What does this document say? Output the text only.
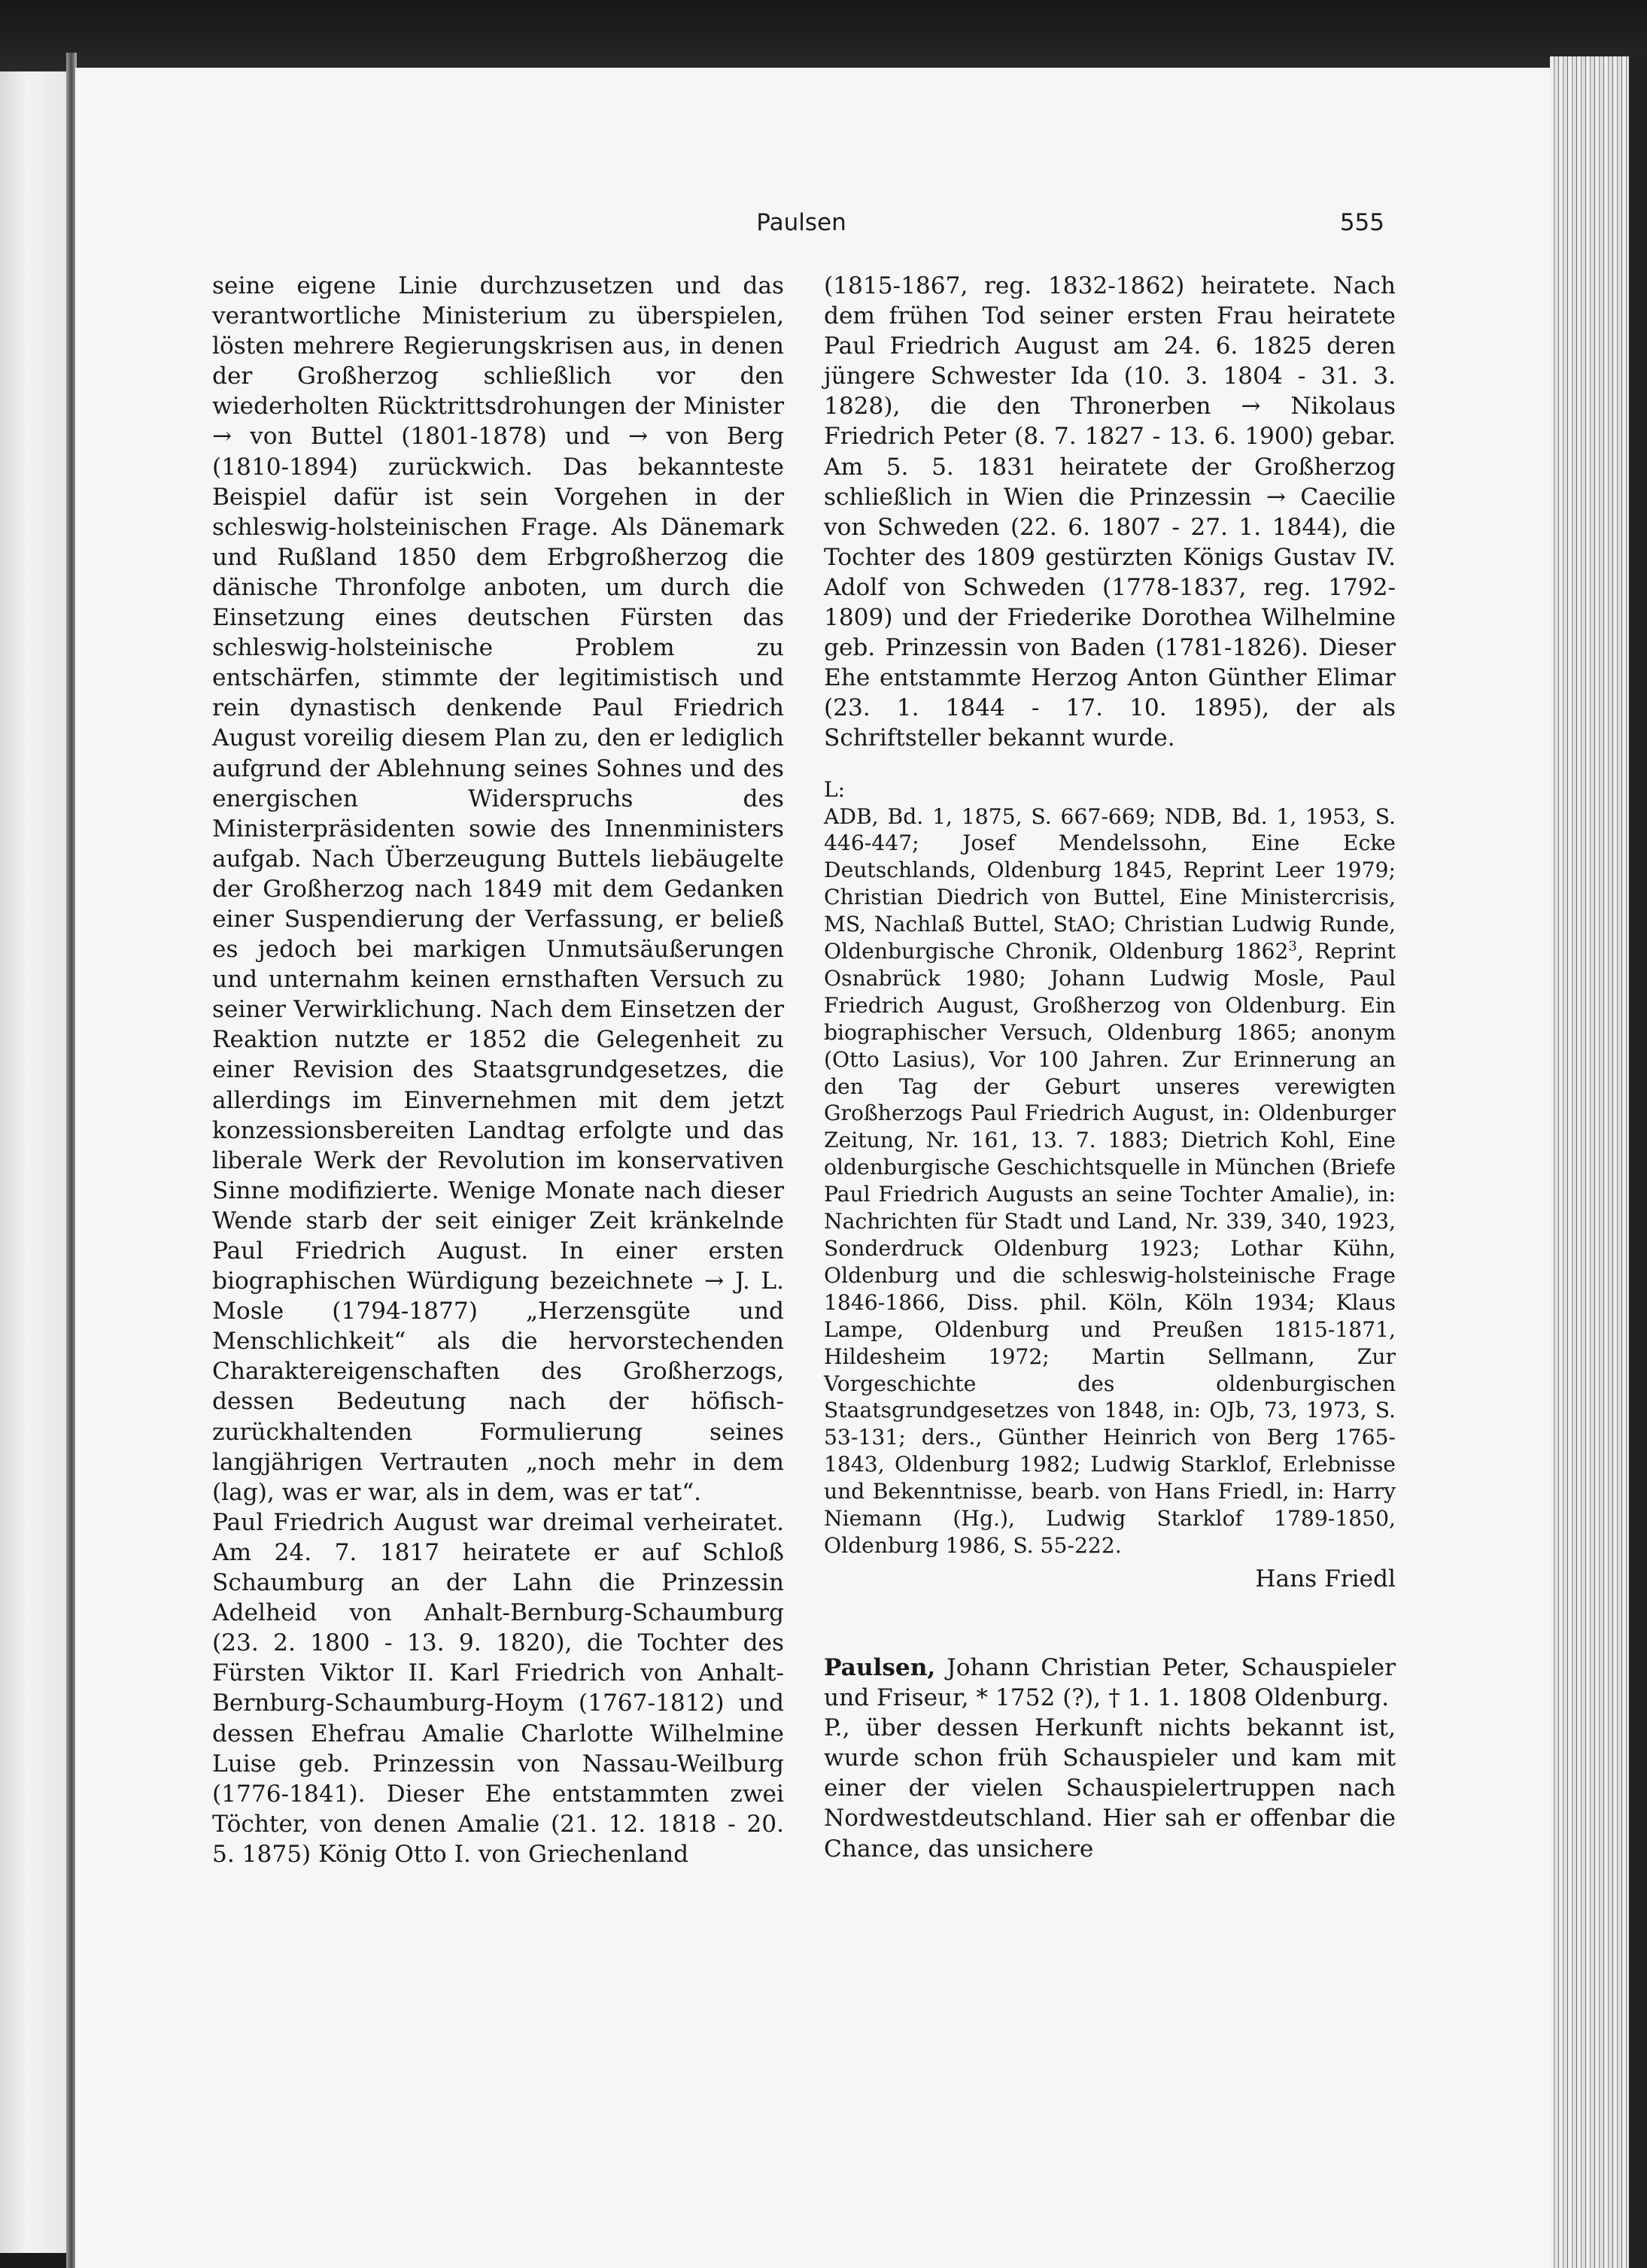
Paulsen	555

seine eigene Linie durchzusetzen und das verantwortliche Ministerium zu überspielen, lösten mehrere Regierungskrisen aus, in denen der Großherzog schließlich vor den wiederholten Rücktrittsdrohungen der Minister → von Buttel (1801-1878) und → von Berg (1810-1894) zurückwich. Das bekannteste Beispiel dafür ist sein Vorgehen in der schleswig-holsteinischen Frage. Als Dänemark und Rußland 1850 dem Erbgroßherzog die dänische Thronfolge anboten, um durch die Einsetzung eines deutschen Fürsten das schleswig-holsteinische Problem zu entschärfen, stimmte der legitimistisch und rein dynastisch denkende Paul Friedrich August voreilig diesem Plan zu, den er lediglich aufgrund der Ablehnung seines Sohnes und des energischen Widerspruchs des Ministerpräsidenten sowie des Innenministers aufgab. Nach Überzeugung Buttels liebäugelte der Großherzog nach 1849 mit dem Gedanken einer Suspendierung der Verfassung, er beließ es jedoch bei markigen Unmutsäußerungen und unternahm keinen ernsthaften Versuch zu seiner Verwirklichung. Nach dem Einsetzen der Reaktion nutzte er 1852 die Gelegenheit zu einer Revision des Staatsgrundgesetzes, die allerdings im Einvernehmen mit dem jetzt konzessionsbereiten Landtag erfolgte und das liberale Werk der Revolution im konservativen Sinne modifizierte. Wenige Monate nach dieser Wende starb der seit einiger Zeit kränkelnde Paul Friedrich August. In einer ersten biographischen Würdigung bezeichnete → J. L. Mosle (1794-1877) „Herzensgüte und Menschlichkeit“ als die hervorstechenden Charaktereigenschaften des Großherzogs, dessen Bedeutung nach der höfisch-zurückhaltenden Formulierung seines langjährigen Vertrauten „noch mehr in dem (lag), was er war, als in dem, was er tat“.

Paul Friedrich August war dreimal verheiratet. Am 24. 7. 1817 heiratete er auf Schloß Schaumburg an der Lahn die Prinzessin Adelheid von Anhalt-Bernburg-Schaumburg (23. 2. 1800 - 13. 9. 1820), die Tochter des Fürsten Viktor II. Karl Friedrich von Anhalt-Bernburg-Schaumburg-Hoym (1767-1812) und dessen Ehefrau Amalie Charlotte Wilhelmine Luise geb. Prinzessin von Nassau-Weilburg (1776-1841). Dieser Ehe entstammten zwei Töchter, von denen Amalie (21. 12. 1818 - 20. 5. 1875) König Otto I. von Griechenland

(1815-1867, reg. 1832-1862) heiratete. Nach dem frühen Tod seiner ersten Frau heiratete Paul Friedrich August am 24. 6. 1825 deren jüngere Schwester Ida (10. 3. 1804 - 31. 3. 1828), die den Thronerben → Nikolaus Friedrich Peter (8. 7. 1827 - 13. 6. 1900) gebar. Am 5. 5. 1831 heiratete der Großherzog schließlich in Wien die Prinzessin → Caecilie von Schweden (22. 6. 1807 - 27. 1. 1844), die Tochter des 1809 gestürzten Königs Gustav IV. Adolf von Schweden (1778-1837, reg. 1792-1809) und der Friederike Dorothea Wilhelmine geb. Prinzessin von Baden (1781-1826). Dieser Ehe entstammte Herzog Anton Günther Elimar (23. 1. 1844 - 17. 10. 1895), der als Schriftsteller bekannt wurde.

L:

ADB, Bd. 1, 1875, S. 667-669; NDB, Bd. 1, 1953, S. 446-447; Josef Mendelssohn, Eine Ecke Deutschlands, Oldenburg 1845, Reprint Leer 1979; Christian Diedrich von Buttel, Eine Ministercrisis, MS, Nachlaß Buttel, StAO; Christian Ludwig Runde, Oldenburgische Chronik, Oldenburg 1862$^3$, Reprint Osnabrück 1980; Johann Ludwig Mosle, Paul Friedrich August, Großherzog von Oldenburg. Ein biographischer Versuch, Oldenburg 1865; anonym (Otto Lasius), Vor 100 Jahren. Zur Erinnerung an den Tag der Geburt unseres verewigten Großherzogs Paul Friedrich August, in: Oldenburger Zeitung, Nr. 161, 13. 7. 1883; Dietrich Kohl, Eine oldenburgische Geschichtsquelle in München (Briefe Paul Friedrich Augusts an seine Tochter Amalie), in: Nachrichten für Stadt und Land, Nr. 339, 340, 1923, Sonderdruck Oldenburg 1923; Lothar Kühn, Oldenburg und die schleswig-holsteinische Frage 1846-1866, Diss. phil. Köln, Köln 1934; Klaus Lampe, Oldenburg und Preußen 1815-1871, Hildesheim 1972; Martin Sellmann, Zur Vorgeschichte des oldenburgischen Staatsgrundgesetzes von 1848, in: OJb, 73, 1973, S. 53-131; ders., Günther Heinrich von Berg 1765-1843, Oldenburg 1982; Ludwig Starklof, Erlebnisse und Bekenntnisse, bearb. von Hans Friedl, in: Harry Niemann (Hg.), Ludwig Starklof 1789-1850, Oldenburg 1986, S. 55-222.

Hans Friedl

Paulsen, Johann Christian Peter, Schauspieler und Friseur, * 1752 (?), † 1. 1. 1808 Oldenburg.

P., über dessen Herkunft nichts bekannt ist, wurde schon früh Schauspieler und kam mit einer der vielen Schauspielertruppen nach Nordwestdeutschland. Hier sah er offenbar die Chance, das unsichere
